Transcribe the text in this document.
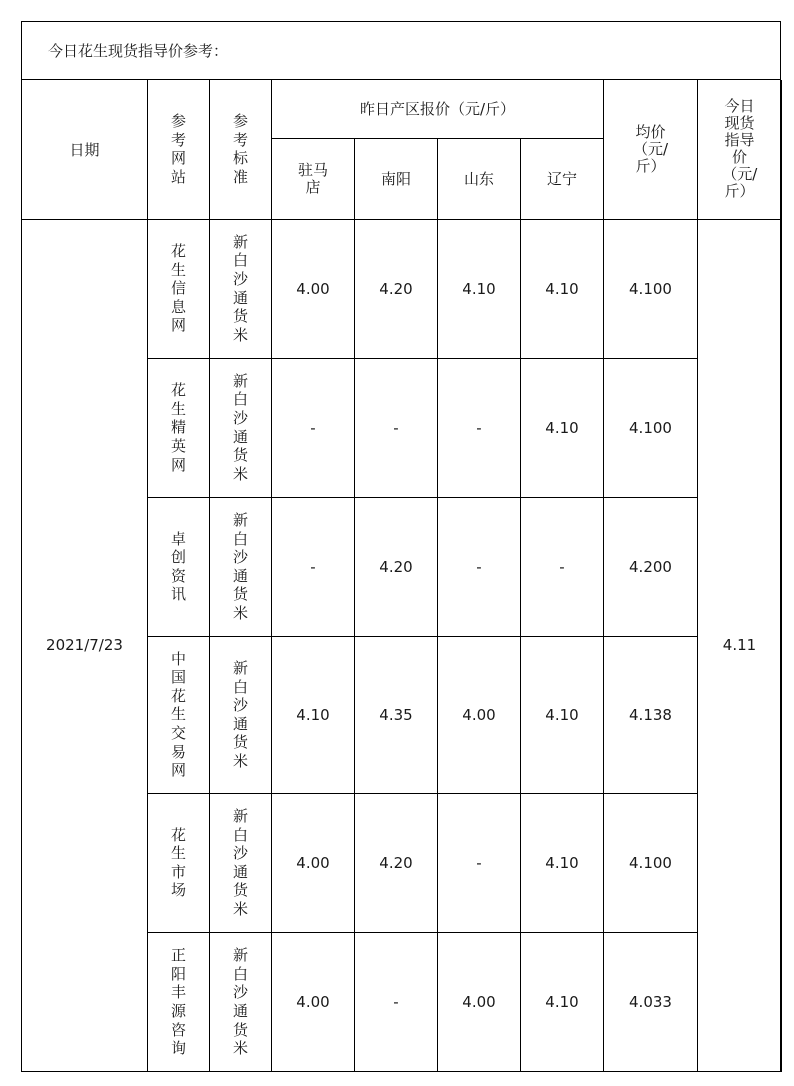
今日花生现货指导价参考：
日期	参考网站	参考标准	昨日产区报价（元/斤）				均价（元/斤）	今日现货指导价（元/斤）
			驻马店	南阳	山东	辽宁		
2021/7/23	花生信息网	新白沙通货米	4.00	4.20	4.10	4.10	4.100	4.11
	花生精英网	新白沙通货米	-	-	-	4.10	4.100	
	卓创资讯	新白沙通货米	-	4.20	-	-	4.200	
	中国花生交易网	新白沙通货米	4.10	4.35	4.00	4.10	4.138	
	花生市场	新白沙通货米	4.00	4.20	-	4.10	4.100	
	正阳丰源咨询	新白沙通货米	4.00	-	4.00	4.10	4.033	
